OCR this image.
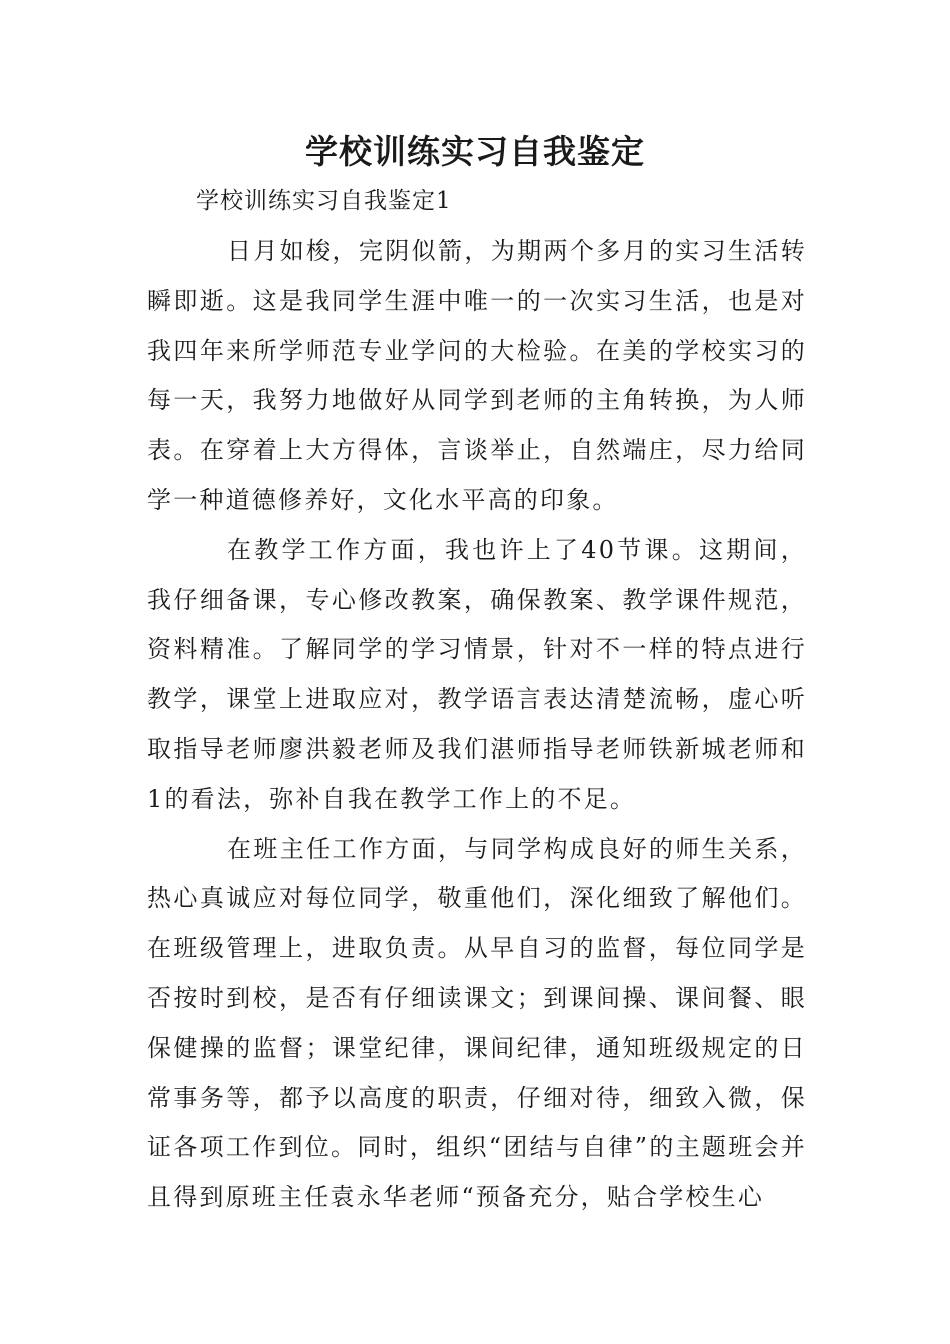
学校训练实习自我鉴定

学校训练实习自我鉴定1

日月如梭，完阴似箭，为期两个多月的实习生活转瞬即逝。这是我同学生涯中唯一的一次实习生活，也是对我四年来所学师范专业学问的大检验。在美的学校实习的每一天，我努力地做好从同学到老师的主角转换，为人师表。在穿着上大方得体，言谈举止，自然端庄，尽力给同学一种道德修养好，文化水平高的印象。

在教学工作方面，我也许上了40节课。这期间，我仔细备课，专心修改教案，确保教案、教学课件规范，资料精准。了解同学的学习情景，针对不一样的特点进行教学，课堂上进取应对，教学语言表达清楚流畅，虚心听取指导老师廖洪毅老师及我们湛师指导老师铁新城老师和1的看法，弥补自我在教学工作上的不足。

在班主任工作方面，与同学构成良好的师生关系，热心真诚应对每位同学，敬重他们，深化细致了解他们。在班级管理上，进取负责。从早自习的监督，每位同学是否按时到校，是否有仔细读课文；到课间操、课间餐、眼保健操的监督；课堂纪律，课间纪律，通知班级规定的日常事务等，都予以高度的职责，仔细对待，细致入微，保证各项工作到位。同时，组织“团结与自律”的主题班会并且得到原班主任袁永华老师“预备充分，贴合学校生心
